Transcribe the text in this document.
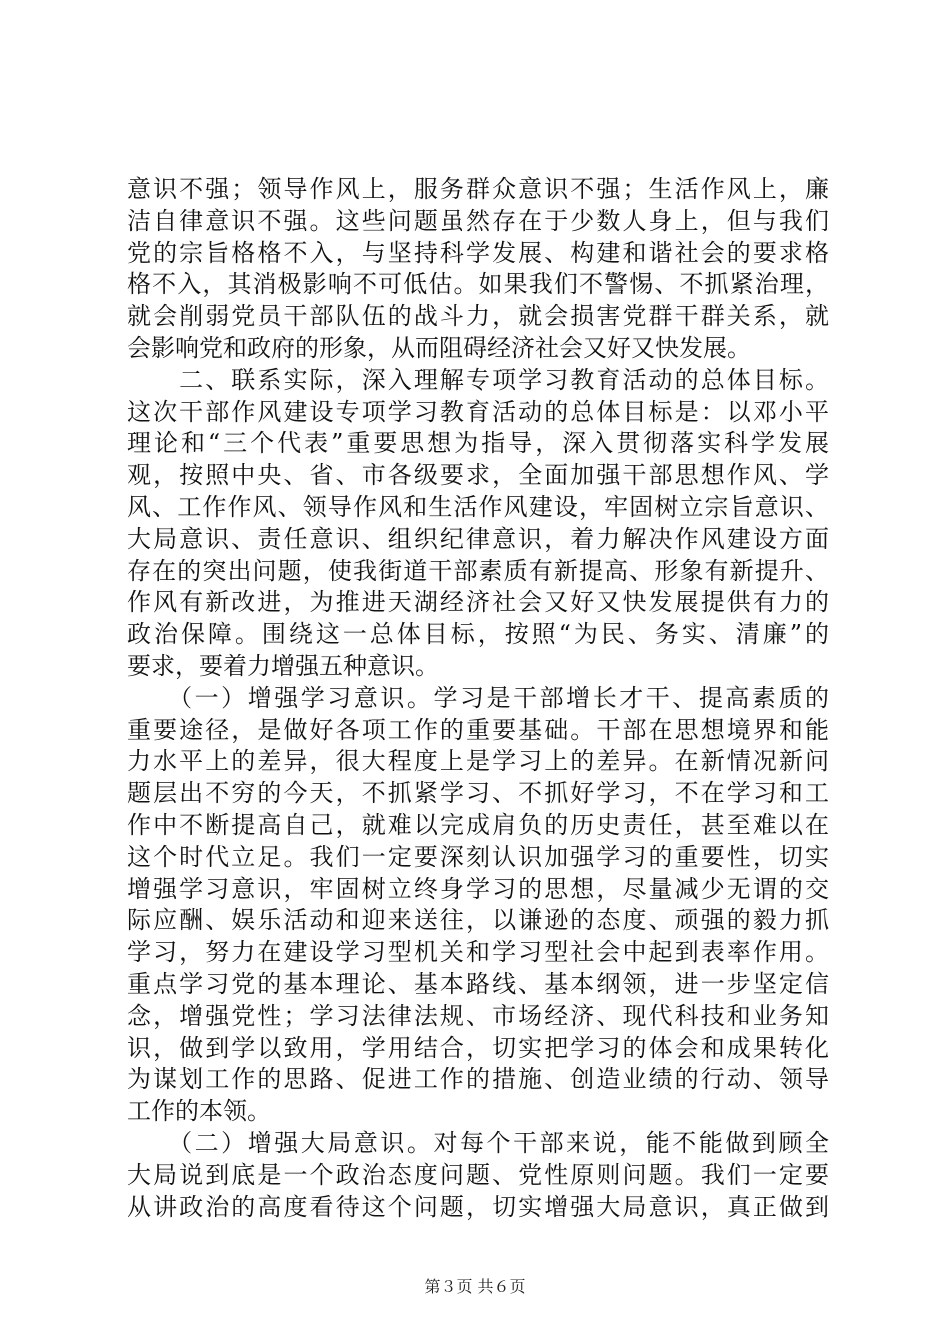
意识不强；领导作风上，服务群众意识不强；生活作风上，廉
洁自律意识不强。这些问题虽然存在于少数人身上，但与我们
党的宗旨格格不入，与坚持科学发展、构建和谐社会的要求格
格不入，其消极影响不可低估。如果我们不警惕、不抓紧治理，
就会削弱党员干部队伍的战斗力，就会损害党群干群关系，就
会影响党和政府的形象，从而阻碍经济社会又好又快发展。
　　二、联系实际，深入理解专项学习教育活动的总体目标。
这次干部作风建设专项学习教育活动的总体目标是：以邓小平
理论和“三个代表”重要思想为指导，深入贯彻落实科学发展
观，按照中央、省、市各级要求，全面加强干部思想作风、学
风、工作作风、领导作风和生活作风建设，牢固树立宗旨意识、
大局意识、责任意识、组织纪律意识，着力解决作风建设方面
存在的突出问题，使我街道干部素质有新提高、形象有新提升、
作风有新改进，为推进天湖经济社会又好又快发展提供有力的
政治保障。围绕这一总体目标，按照“为民、务实、清廉”的
要求，要着力增强五种意识。
　　（一）增强学习意识。学习是干部增长才干、提高素质的
重要途径，是做好各项工作的重要基础。干部在思想境界和能
力水平上的差异，很大程度上是学习上的差异。在新情况新问
题层出不穷的今天，不抓紧学习、不抓好学习，不在学习和工
作中不断提高自己，就难以完成肩负的历史责任，甚至难以在
这个时代立足。我们一定要深刻认识加强学习的重要性，切实
增强学习意识，牢固树立终身学习的思想，尽量减少无谓的交
际应酬、娱乐活动和迎来送往，以谦逊的态度、顽强的毅力抓
学习，努力在建设学习型机关和学习型社会中起到表率作用。
重点学习党的基本理论、基本路线、基本纲领，进一步坚定信
念，增强党性；学习法律法规、市场经济、现代科技和业务知
识，做到学以致用，学用结合，切实把学习的体会和成果转化
为谋划工作的思路、促进工作的措施、创造业绩的行动、领导
工作的本领。
　　（二）增强大局意识。对每个干部来说，能不能做到顾全
大局说到底是一个政治态度问题、党性原则问题。我们一定要
从讲政治的高度看待这个问题，切实增强大局意识，真正做到
第３页 共６页
